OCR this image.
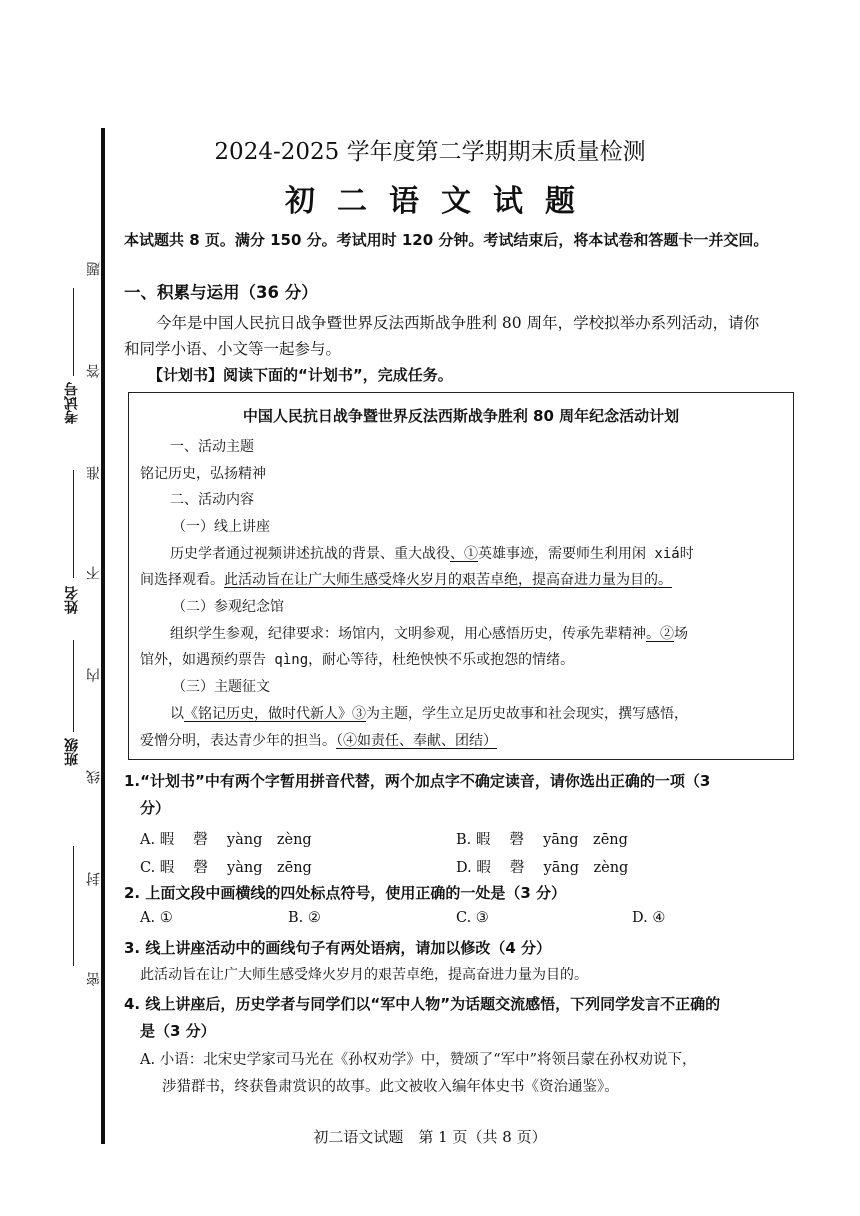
考试号
姓名
班级
题
答
准
不
内
线
封
密
2024-2025 学年度第二学期期末质量检测
初二语文试题
本试题共 8 页。满分 150 分。考试用时 120 分钟。考试结束后，将本试卷和答题卡一并交回。
一、积累与运用（36 分）
今年是中国人民抗日战争暨世界反法西斯战争胜利 80 周年，学校拟举办系列活动，请你
和同学小语、小文等一起参与。
【计划书】阅读下面的“计划书”，完成任务。
中国人民抗日战争暨世界反法西斯战争胜利 80 周年纪念活动计划
一、活动主题
铭记历史，弘扬精神
二、活动内容
（一）线上讲座
历史学者通过视频讲述抗战的背景、重大战役、①英雄事迹，需要师生利用闲 xiá时
间选择观看。此活动旨在让广大师生感受烽火岁月的艰苦卓绝，提高奋进力量为目的。
（二）参观纪念馆
组织学生参观，纪律要求：场馆内，文明参观，用心感悟历史，传承先辈精神。②场
馆外，如遇预约票告 qìng，耐心等待，杜绝怏怏不乐或抱怨的情绪。
（三）主题征文
以《铭记历史，做时代新人》③为主题，学生立足历史故事和社会现实，撰写感悟，
爱憎分明，表达青少年的担当。（④如责任、奉献、团结）
1.“计划书”中有两个字暂用拼音代替，两个加点字不确定读音，请你选出正确的一项（3
分）
A. 暇　 磬　 yàng　zèng	B. 暇　 磬　 yāng　zēng
C. 暇　 磬　 yàng　zēng	D. 暇　 磬　 yāng　zèng
2. 上面文段中画横线的四处标点符号，使用正确的一处是（3 分）
A. ①	B. ②	C. ③	D. ④
3. 线上讲座活动中的画线句子有两处语病，请加以修改（4 分）
此活动旨在让广大师生感受烽火岁月的艰苦卓绝，提高奋进力量为目的。
4. 线上讲座后，历史学者与同学们以“军中人物”为话题交流感悟，下列同学发言不正确的
是（3 分）
A. 小语：北宋史学家司马光在《孙权劝学》中，赞颂了“军中”将领吕蒙在孙权劝说下，
涉猎群书，终获鲁肃赏识的故事。此文被收入编年体史书《资治通鉴》。
初二语文试题　第 1 页（共 8 页）
